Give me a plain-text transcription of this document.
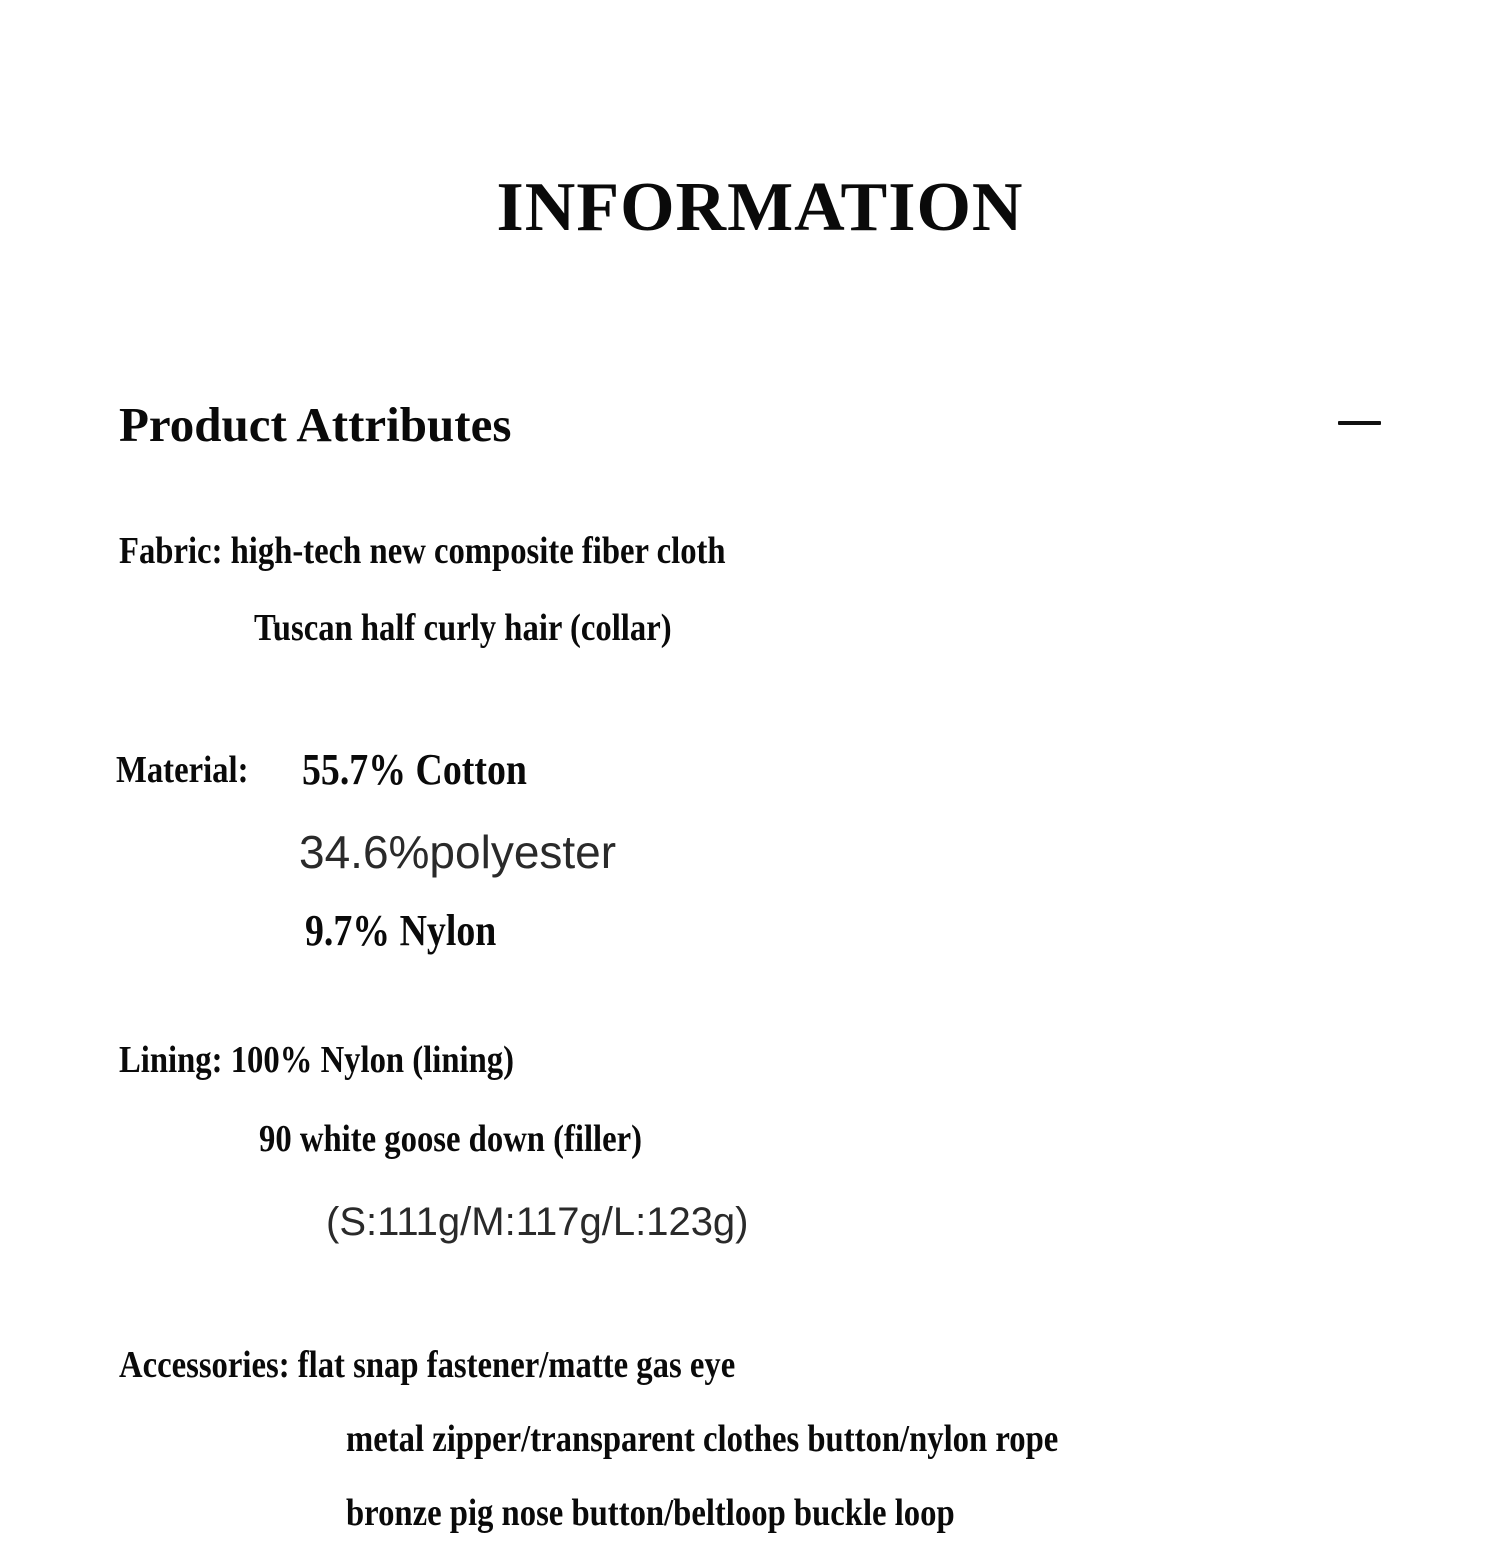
INFORMATION
Product Attributes
Fabric: high-tech new composite fiber cloth
Tuscan half curly hair (collar)
Material: 55.7% Cotton
34.6%polyester
9.7% Nylon
Lining: 100% Nylon (lining)
90 white goose down (filler)
(S:111g/M:117g/L:123g)
Accessories: flat snap fastener/matte gas eye
metal zipper/transparent clothes button/nylon rope
bronze pig nose button/beltloop buckle loop
